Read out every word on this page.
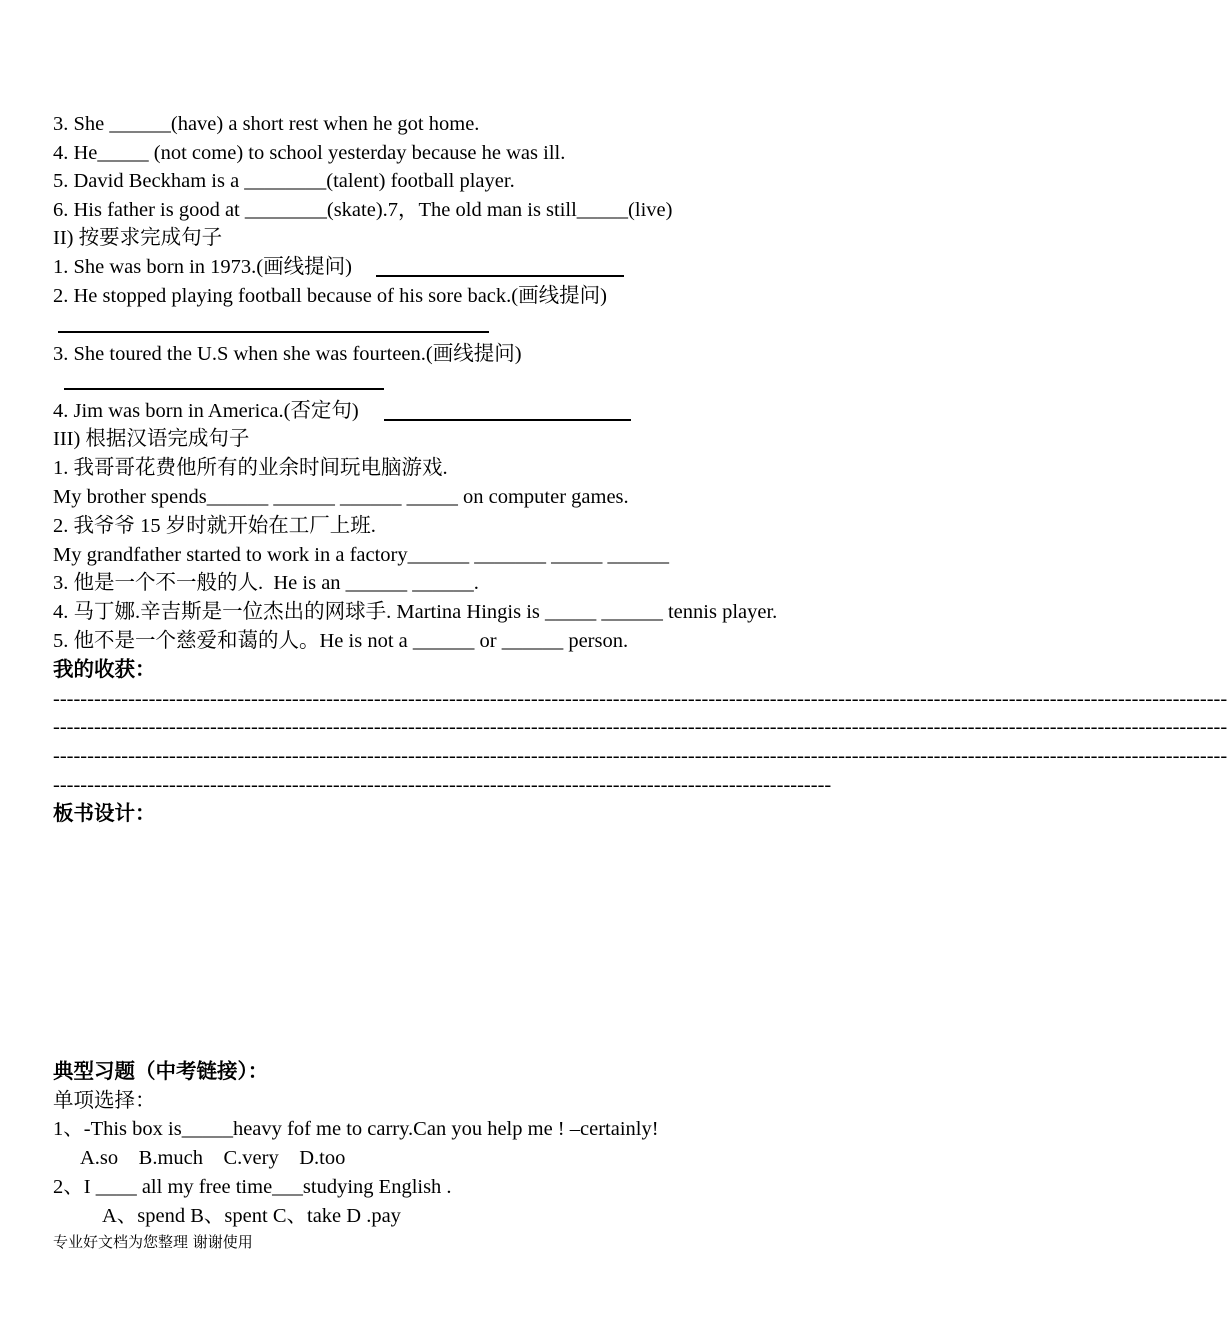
3. She ______(have) a short rest when he got home.
4. He_____ (not come) to school yesterday because he was ill.
5. David Beckham is a ________(talent) football player.
6. His father is good at ________(skate).7，The old man is still_____(live)
II) 按要求完成句子
1. She was born in 1973.(画线提问)
2. He stopped playing football because of his sore back.(画线提问)
3. She toured the U.S when she was fourteen.(画线提问)
4. Jim was born in America.(否定句)
III) 根据汉语完成句子
1. 我哥哥花费他所有的业余时间玩电脑游戏.
My brother spends______ ______ ______ _____ on computer games.
2. 我爷爷 15 岁时就开始在工厂上班.
My grandfather started to work in a factory______ _______ _____ ______
3. 他是一个不一般的人.  He is an ______ ______.
4. 马丁娜.辛吉斯是一位杰出的网球手. Martina Hingis is _____ ______ tennis player.
5. 他不是一个慈爱和蔼的人。He is not a ______ or ______ person.
我的收获：
----------------------------------------------------------------------------------------------------------------------------------------------------------------------------
----------------------------------------------------------------------------------------------------------------------------------------------------------------------------
----------------------------------------------------------------------------------------------------------------------------------------------------------------------------
------------------------------------------------------------------------------------------------------------------
板书设计：
典型习题（中考链接）：
单项选择：
1、-This box is_____heavy fof me to carry.Can you help me ! –certainly!
A.so    B.much    C.very    D.too
2、I ____ all my free time___studying English .
A、spend B、spent C、take D .pay
专业好文档为您整理 谢谢使用
